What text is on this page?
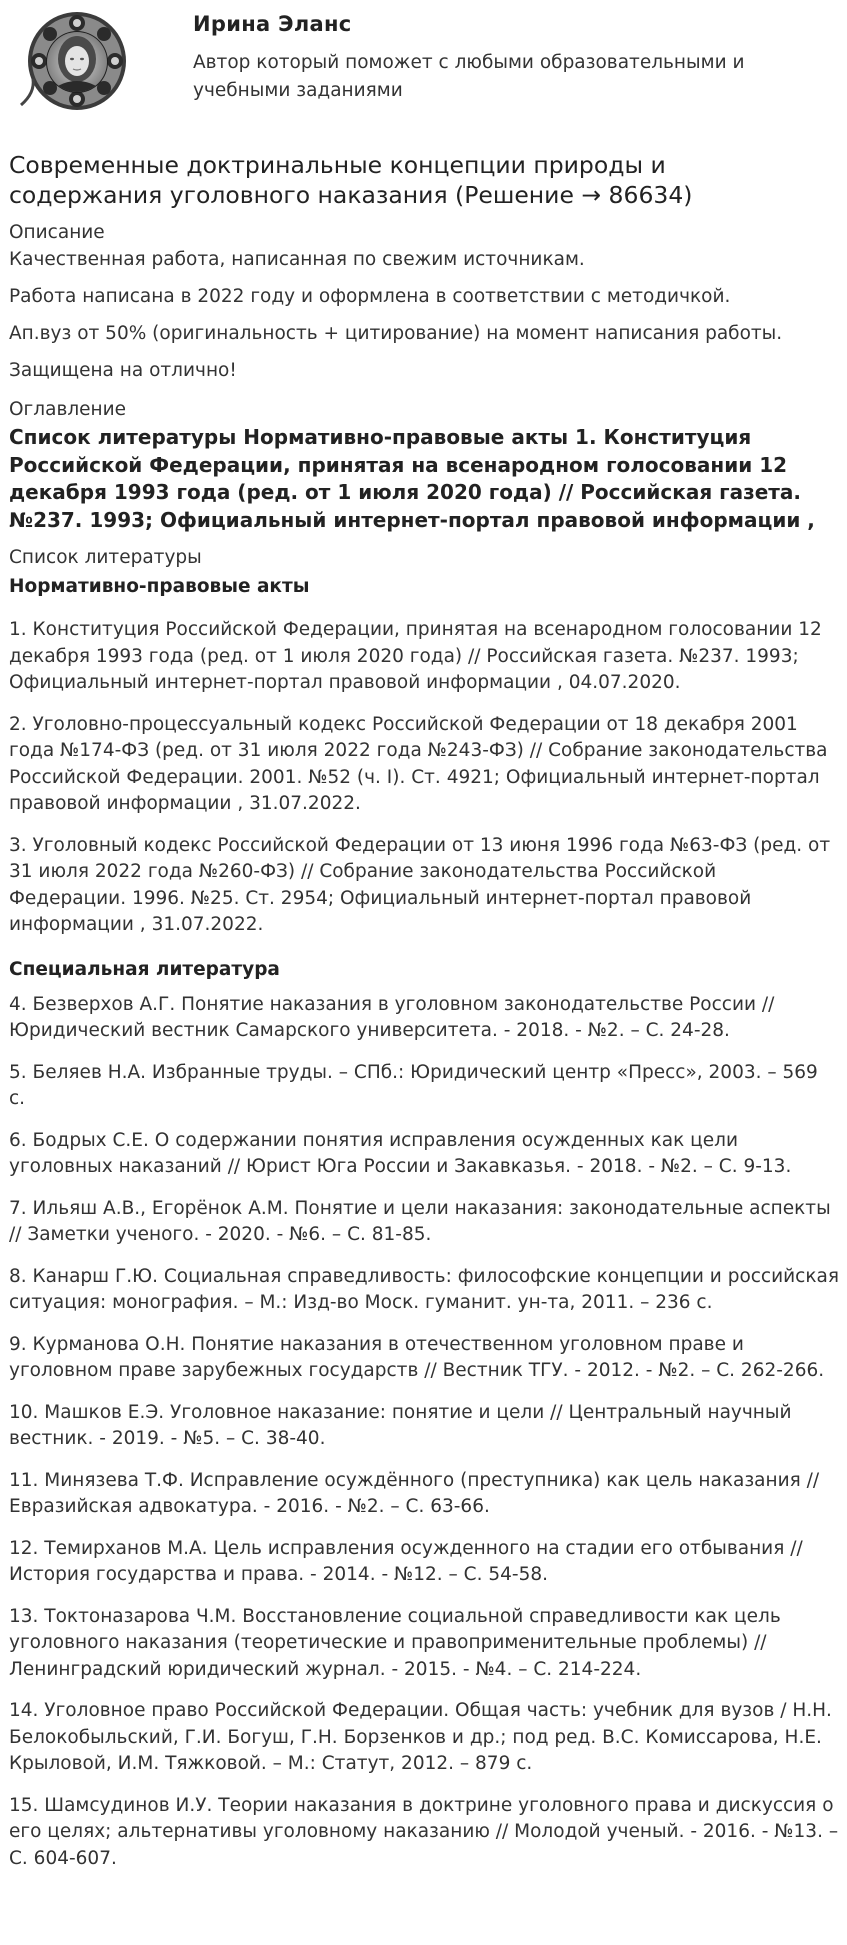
Ирина Эланс
Автор который поможет с любыми образовательными и учебными заданиями
Современные доктринальные концепции природы и содержания уголовного наказания (Решение → 86634)
Описание
Качественная работа, написанная по свежим источникам.
Работа написана в 2022 году и оформлена в соответствии с методичкой.
Ап.вуз от 50% (оригинальность + цитирование) на момент написания работы.
Защищена на отлично!
Оглавление
Список литературы Нормативно-правовые акты 1. Конституция Российской Федерации, принятая на всенародном голосовании 12 декабря 1993 года (ред. от 1 июля 2020 года) // Российская газета. №237. 1993; Официальный интернет-портал правовой информации ,
Список литературы
Нормативно-правовые акты
1. Конституция Российской Федерации, принятая на всенародном голосовании 12 декабря 1993 года (ред. от 1 июля 2020 года) // Российская газета. №237. 1993; Официальный интернет-портал правовой информации , 04.07.2020.
2. Уголовно-процессуальный кодекс Российской Федерации от 18 декабря 2001 года №174-ФЗ (ред. от 31 июля 2022 года №243-ФЗ) // Собрание законодательства Российской Федерации. 2001. №52 (ч. I). Ст. 4921; Официальный интернет-портал правовой информации , 31.07.2022.
3. Уголовный кодекс Российской Федерации от 13 июня 1996 года №63-ФЗ (ред. от 31 июля 2022 года №260-ФЗ) // Собрание законодательства Российской Федерации. 1996. №25. Ст. 2954; Официальный интернет-портал правовой информации , 31.07.2022.
Специальная литература
4. Безверхов А.Г. Понятие наказания в уголовном законодательстве России // Юридический вестник Самарского университета. - 2018. - №2. – С. 24-28.
5. Беляев Н.А. Избранные труды. – СПб.: Юридический центр «Пресс», 2003. – 569 с.
6. Бодрых С.Е. О содержании понятия исправления осужденных как цели уголовных наказаний // Юрист Юга России и Закавказья. - 2018. - №2. – С. 9-13.
7. Ильяш А.В., Егорёнок А.М. Понятие и цели наказания: законодательные аспекты // Заметки ученого. - 2020. - №6. – С. 81-85.
8. Канарш Г.Ю. Социальная справедливость: философские концепции и российская ситуация: монография. – М.: Изд-во Моск. гуманит. ун-та, 2011. – 236 с.
9. Курманова О.Н. Понятие наказания в отечественном уголовном праве и уголовном праве зарубежных государств // Вестник ТГУ. - 2012. - №2. – С. 262-266.
10. Машков Е.Э. Уголовное наказание: понятие и цели // Центральный научный вестник. - 2019. - №5. – С. 38-40.
11. Минязева Т.Ф. Исправление осуждённого (преступника) как цель наказания // Евразийская адвокатура. - 2016. - №2. – С. 63-66.
12. Темирханов М.А. Цель исправления осужденного на стадии его отбывания // История государства и права. - 2014. - №12. – С. 54-58.
13. Токтоназарова Ч.М. Восстановление социальной справедливости как цель уголовного наказания (теоретические и правоприменительные проблемы) // Ленинградский юридический журнал. - 2015. - №4. – С. 214-224.
14. Уголовное право Российской Федерации. Общая часть: учебник для вузов / Н.Н. Белокобыльский, Г.И. Богуш, Г.Н. Борзенков и др.; под ред. В.С. Комиссарова, Н.Е. Крыловой, И.М. Тяжковой. – М.: Статут, 2012. – 879 с.
15. Шамсудинов И.У. Теории наказания в доктрине уголовного права и дискуссия о его целях; альтернативы уголовному наказанию // Молодой ученый. - 2016. - №13. – С. 604-607.
